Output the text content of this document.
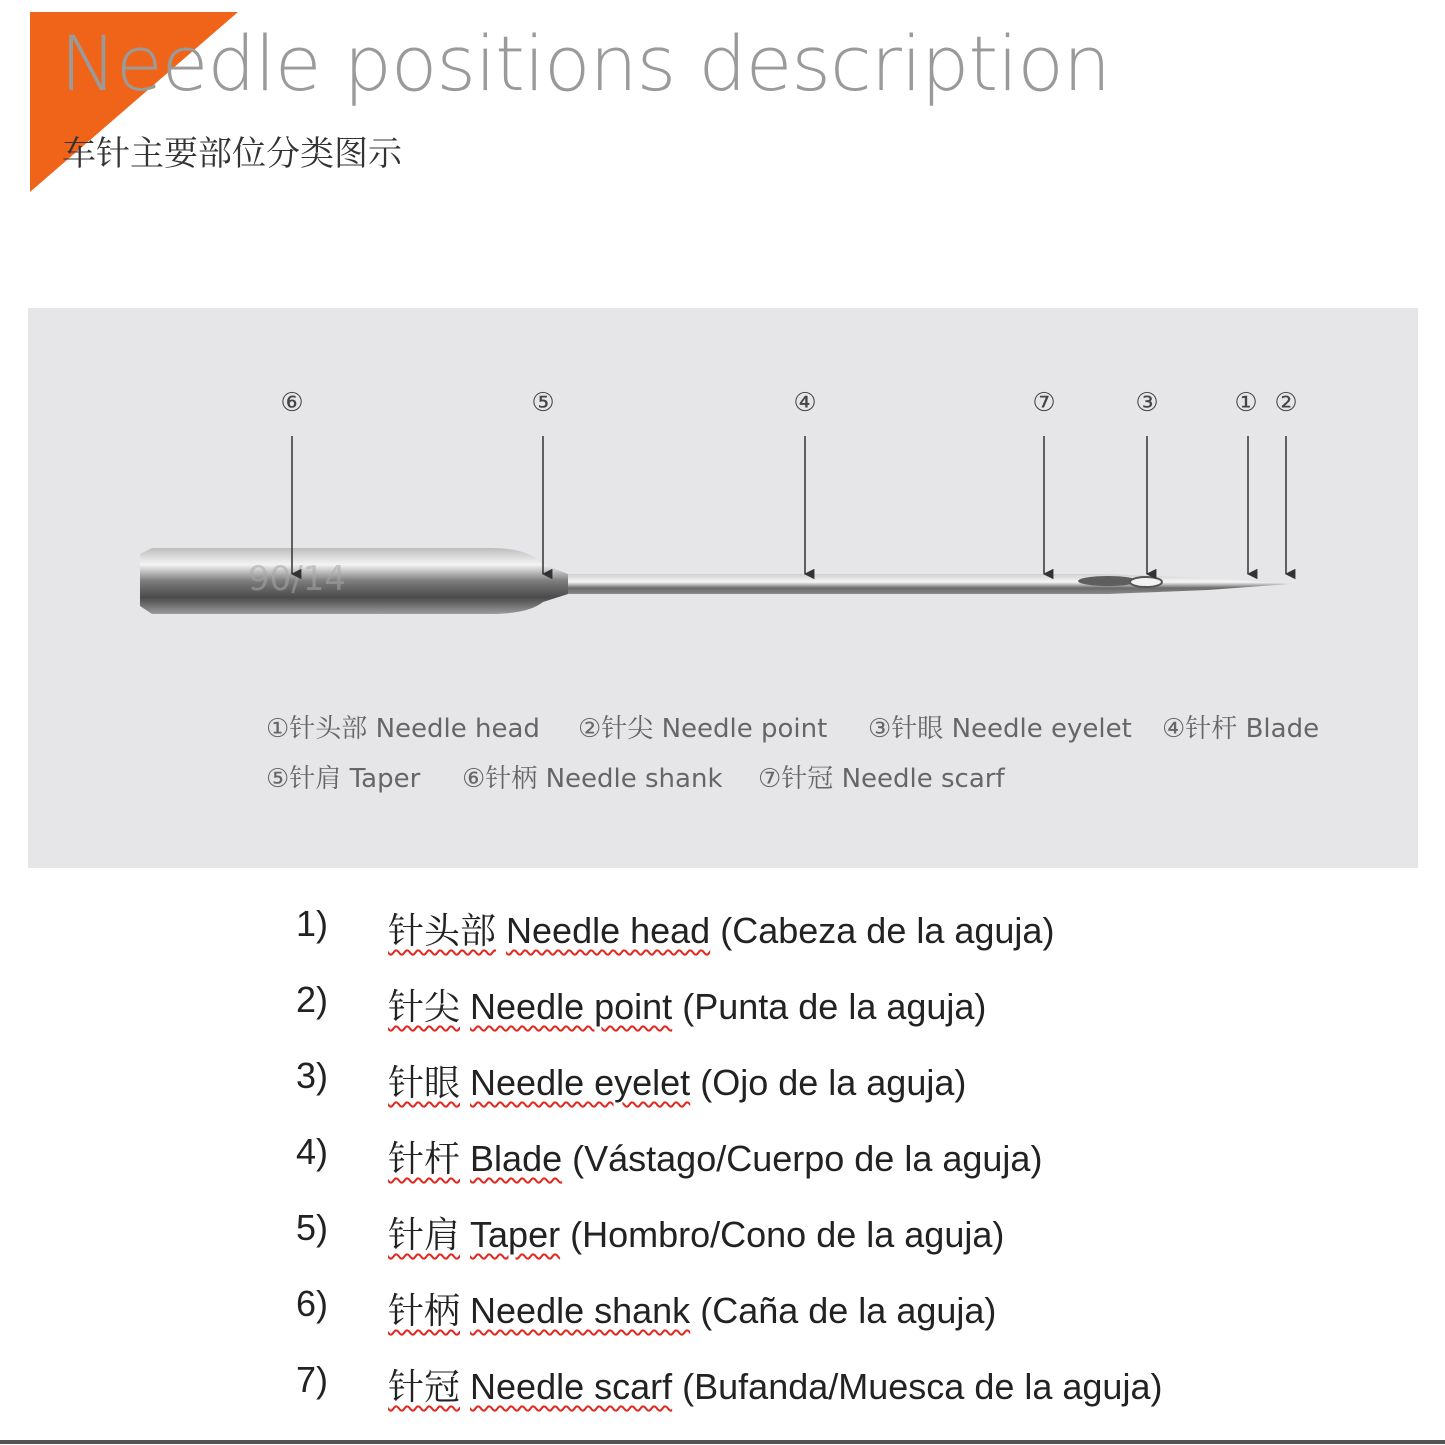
Needle positions description
车针主要部位分类图示
90/14
⑥	⑤	④	⑦	③	① ②
①针头部 Needle head ②针尖 Needle point ③针眼 Needle eyelet ④针杆 Blade
⑤针肩 Taper ⑥针柄 Needle shank ⑦针冠 Needle scarf
1) 针头部 Needle head (Cabeza de la aguja)
2) 针尖 Needle point (Punta de la aguja)
3) 针眼 Needle eyelet (Ojo de la aguja)
4) 针杆 Blade (Vástago/Cuerpo de la aguja)
5) 针肩 Taper (Hombro/Cono de la aguja)
6) 针柄 Needle shank (Caña de la aguja)
7) 针冠 Needle scarf (Bufanda/Muesca de la aguja)
